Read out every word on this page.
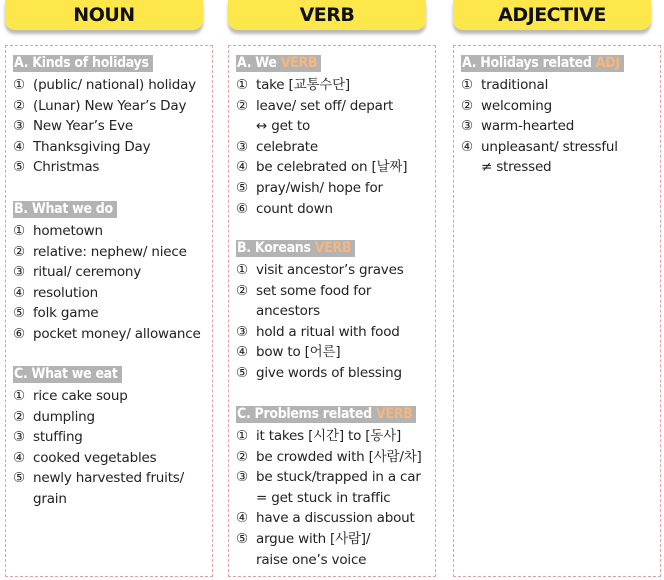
NOUN	VERB	ADJECTIVE
A. Kinds of holidays
① (public/ national) holiday
② (Lunar) New Year’s Day
③ New Year’s Eve
④ Thanksgiving Day
⑤ Christmas
B. What we do
① hometown
② relative: nephew/ niece
③ ritual/ ceremony
④ resolution
⑤ folk game
⑥ pocket money/ allowance
C. What we eat
① rice cake soup
② dumpling
③ stuffing
④ cooked vegetables
⑤ newly harvested fruits/
grain
A. We VERB
① take [교통수단]
② leave/ set off/ depart
↔ get to
③ celebrate
④ be celebrated on [날짜]
⑤ pray/wish/ hope for
⑥ count down
B. Koreans VERB
① visit ancestor’s graves
② set some food for
ancestors
③ hold a ritual with food
④ bow to [어른]
⑤ give words of blessing
C. Problems related VERB
① it takes [시간] to [동사]
② be crowded with [사람/차]
③ be stuck/trapped in a car
= get stuck in traffic
④ have a discussion about
⑤ argue with [사람]/
raise one’s voice
A. Holidays related ADJ
① traditional
② welcoming
③ warm-hearted
④ unpleasant/ stressful
≠ stressed
